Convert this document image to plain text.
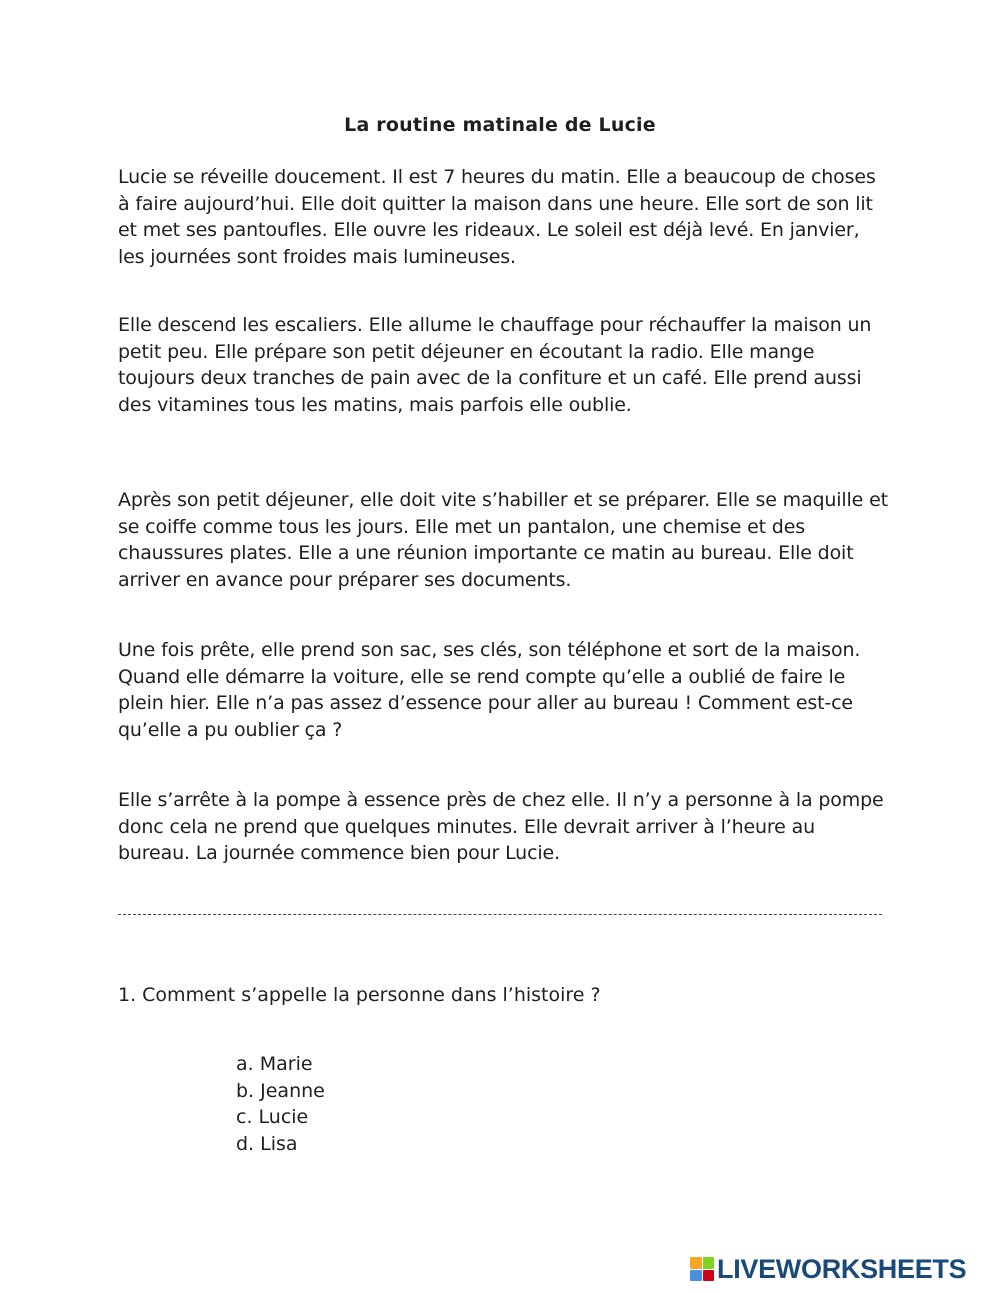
La routine matinale de Lucie

Lucie se réveille doucement. Il est 7 heures du matin. Elle a beaucoup de choses à faire aujourd’hui. Elle doit quitter la maison dans une heure. Elle sort de son lit et met ses pantoufles. Elle ouvre les rideaux. Le soleil est déjà levé. En janvier, les journées sont froides mais lumineuses.

Elle descend les escaliers. Elle allume le chauffage pour réchauffer la maison un petit peu. Elle prépare son petit déjeuner en écoutant la radio. Elle mange toujours deux tranches de pain avec de la confiture et un café. Elle prend aussi des vitamines tous les matins, mais parfois elle oublie.

Après son petit déjeuner, elle doit vite s’habiller et se préparer. Elle se maquille et se coiffe comme tous les jours. Elle met un pantalon, une chemise et des chaussures plates. Elle a une réunion importante ce matin au bureau. Elle doit arriver en avance pour préparer ses documents.

Une fois prête, elle prend son sac, ses clés, son téléphone et sort de la maison. Quand elle démarre la voiture, elle se rend compte qu’elle a oublié de faire le plein hier. Elle n’a pas assez d’essence pour aller au bureau ! Comment est-ce qu’elle a pu oublier ça ?

Elle s’arrête à la pompe à essence près de chez elle. Il n’y a personne à la pompe donc cela ne prend que quelques minutes. Elle devrait arriver à l’heure au bureau. La journée commence bien pour Lucie.

1. Comment s’appelle la personne dans l’histoire ?
a. Marie
b. Jeanne
c. Lucie
d. Lisa
LIVEWORKSHEETS
